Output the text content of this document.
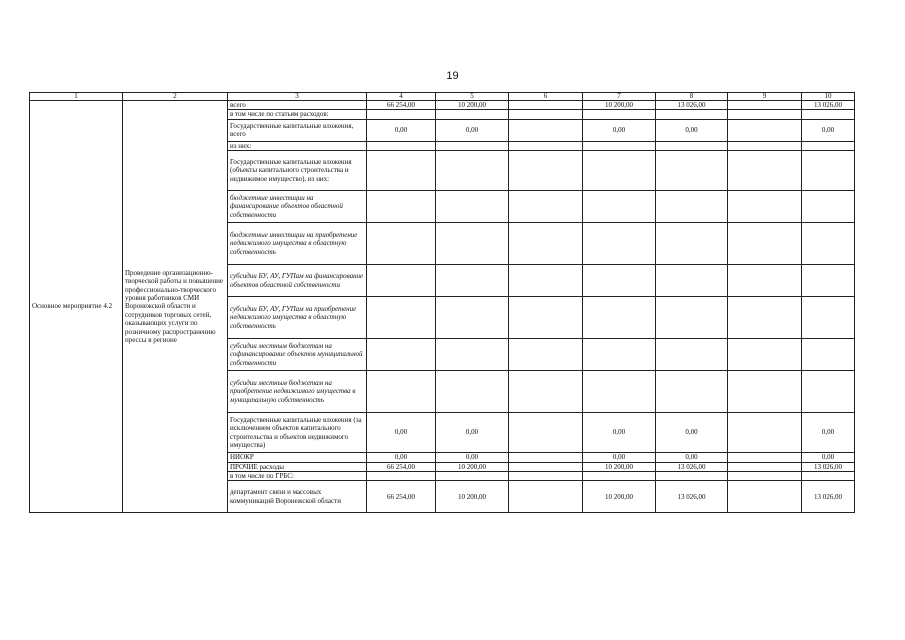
19
1	2	3	4	5	6	7	8	9	10
Основное мероприятие 4.2	Проведение организационно-творческой работы и повышение профессионально-творческого уровня работников СМИ Воронежской области и сотрудников торговых сетей, оказывающих услуги по розничному распространению прессы в регионе	всего	66 254,00	10 200,00		10 200,00	13 026,00		13 026,00
		в том числе по статьям расходов:							
		Государственные капитальные вложения, всего	0,00	0,00		0,00	0,00		0,00
		из них:							
		Государственные капитальные вложения (объекты капитального строительства и недвижимое имущество), из них:							
		бюджетные инвестиции на финансирование объектов областной собственности							
		бюджетные инвестиции на приобретение недвижимого имущества в областную собственность							
		субсидии БУ, АУ, ГУПам на финансирование объектов областной собственности							
		субсидии БУ, АУ, ГУПам на приобретение недвижимого имущества в областную собственность							
		субсидии местным бюджетам на софинансирование объектов муниципальной собственности							
		субсидии местным бюджетам на приобретение недвижимого имущества в муниципальную собственность							
		Государственные капитальные вложения (за исключением объектов капитального строительства и объектов недвижимого имущества)	0,00	0,00		0,00	0,00		0,00
		НИОКР	0,00	0,00		0,00	0,00		0,00
		ПРОЧИЕ расходы	66 254,00	10 200,00		10 200,00	13 026,00		13 026,00
		в том числе по ГРБС:							
		департамент связи и массовых коммуникаций Воронежской области	66 254,00	10 200,00		10 200,00	13 026,00		13 026,00
